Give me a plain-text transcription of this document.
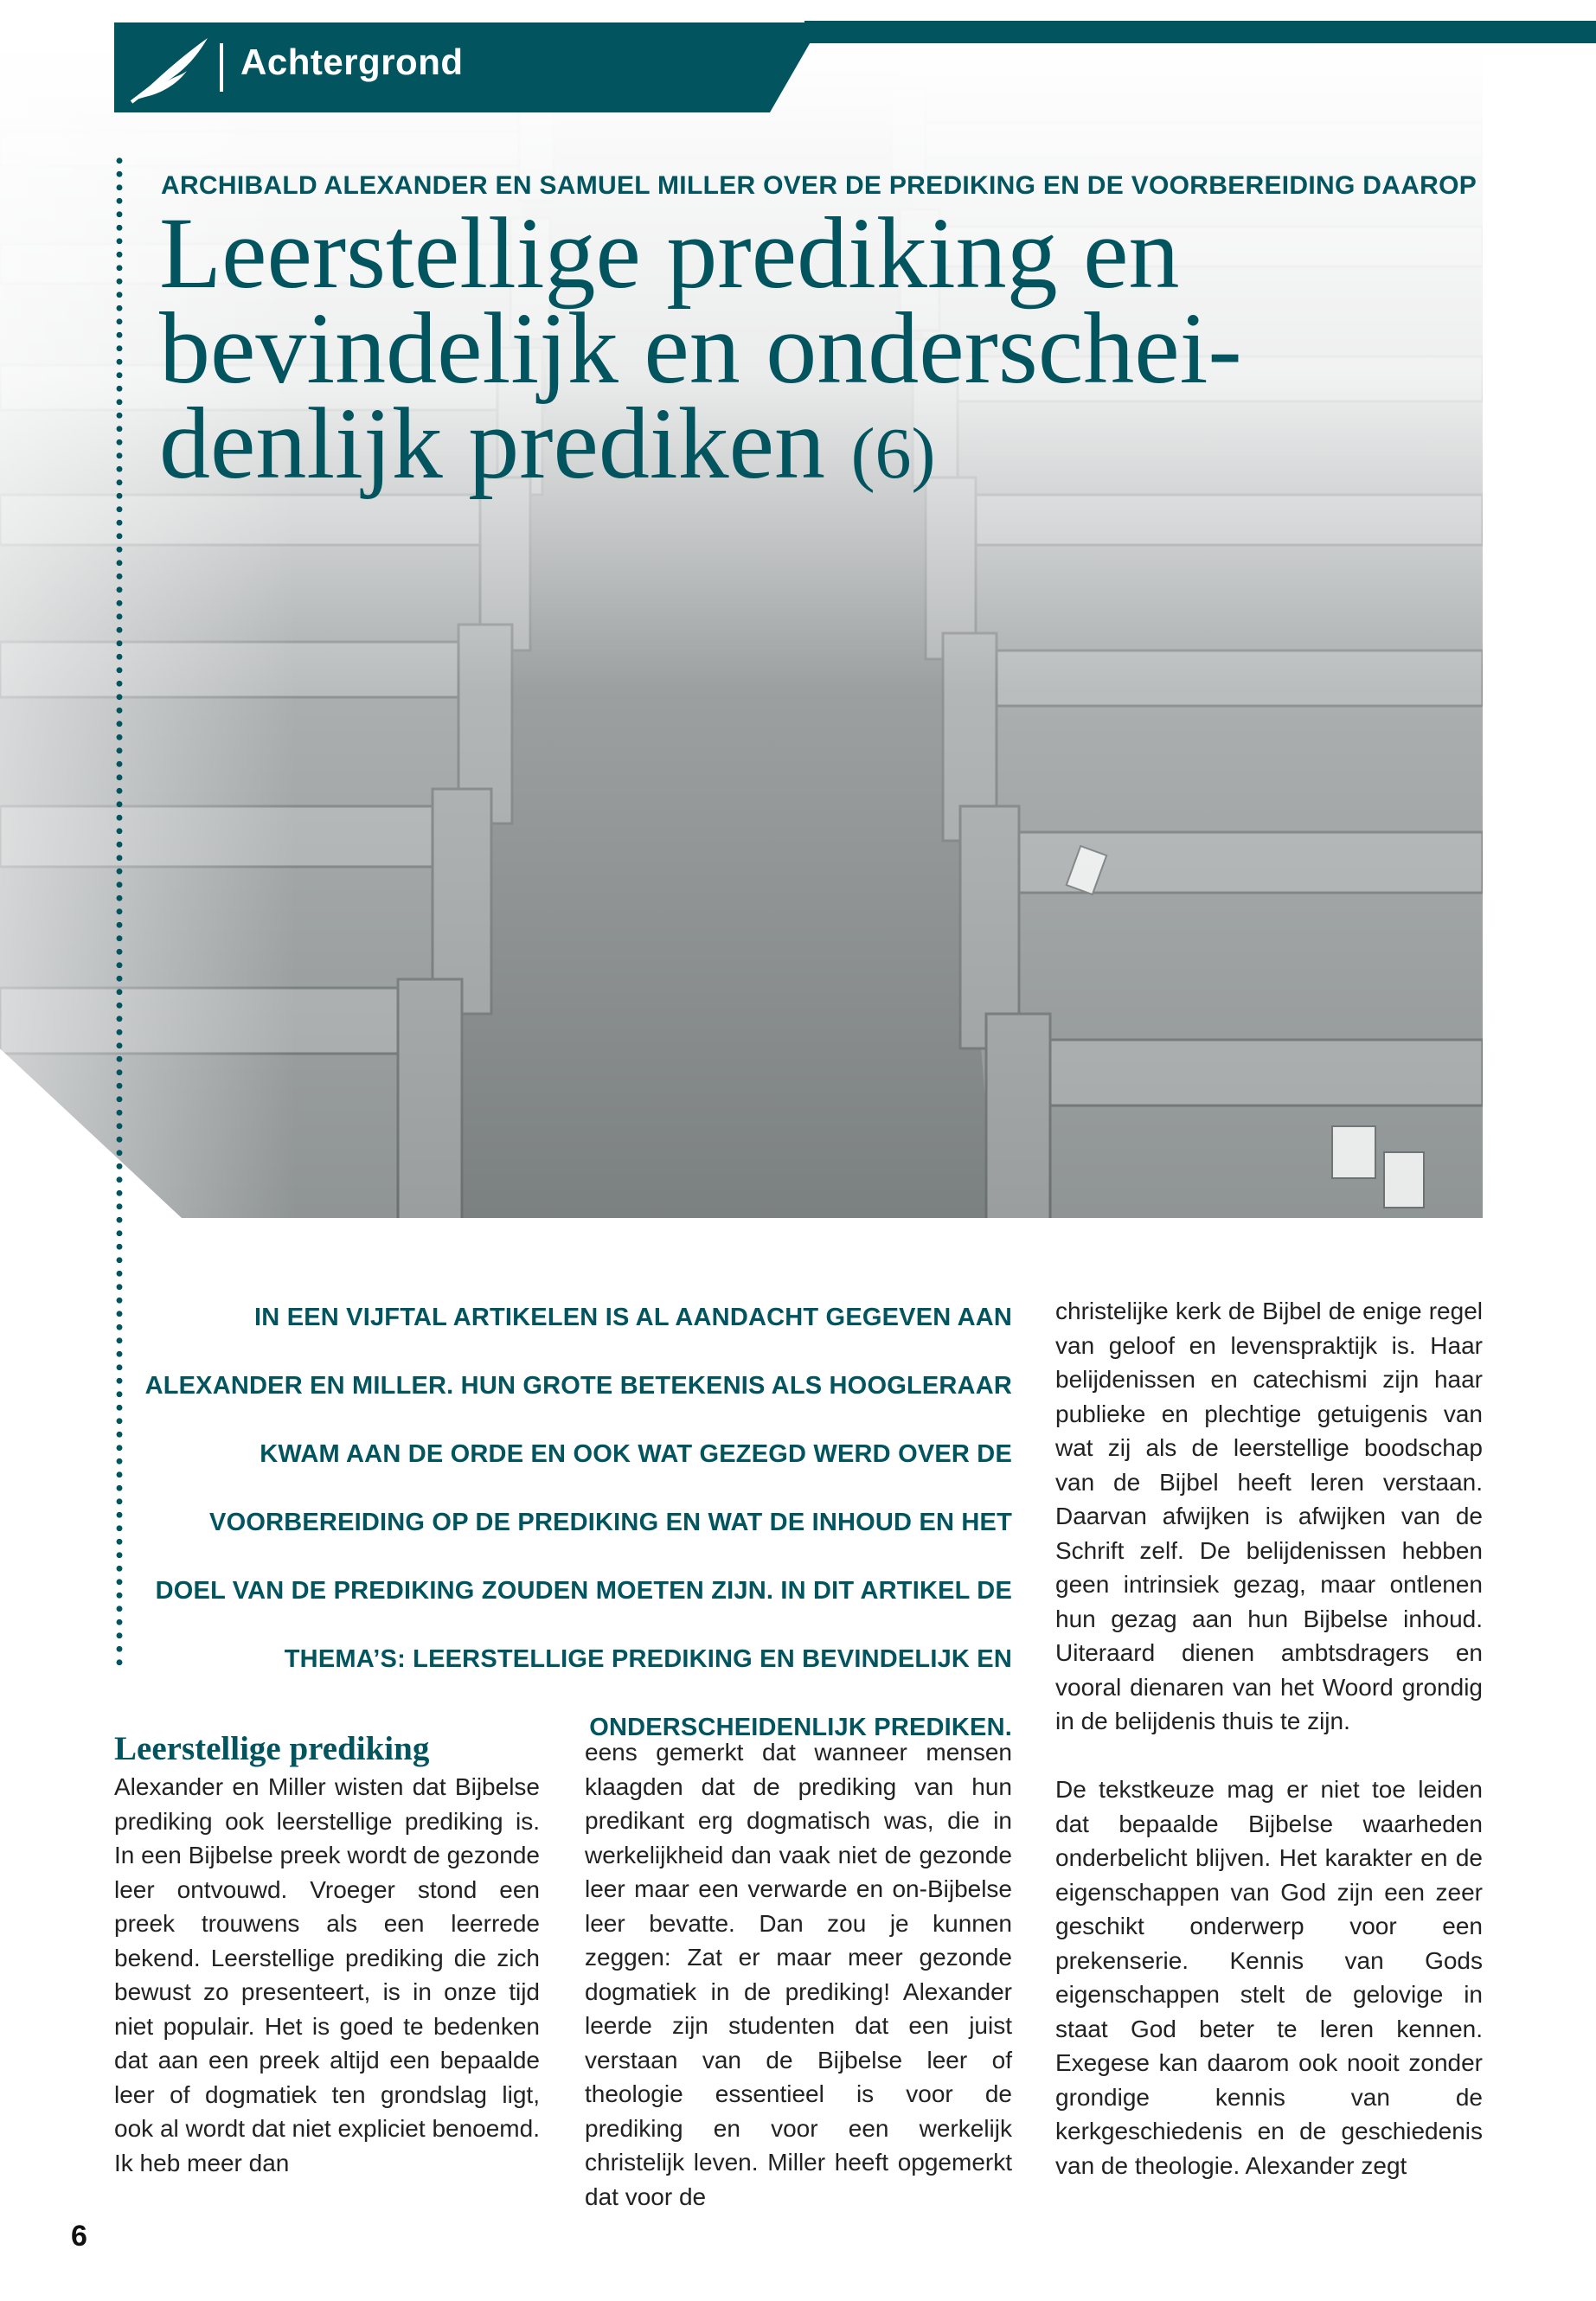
Achtergrond
ARCHIBALD ALEXANDER EN SAMUEL MILLER OVER DE PREDIKING EN DE VOORBEREIDING DAAROP
Leerstellige prediking en
bevindelijk en onderschei-
denlijk prediken (6)
IN EEN VIJFTAL ARTIKELEN IS AL AANDACHT GEGEVEN AAN ALEXANDER EN MILLER. HUN GROTE BETEKENIS ALS HOOGLERAAR KWAM AAN DE ORDE EN OOK WAT GEZEGD WERD OVER DE VOORBEREIDING OP DE PREDIKING EN WAT DE INHOUD EN HET DOEL VAN DE PREDIKING ZOUDEN MOETEN ZIJN. IN DIT ARTIKEL DE THEMA’S: LEERSTELLIGE PREDIKING EN BEVINDELIJK EN ONDERSCHEIDENLIJK PREDIKEN.
Leerstellige prediking

Alexander en Miller wisten dat Bijbelse prediking ook leerstellige prediking is. In een Bijbelse preek wordt de gezonde leer ontvouwd. Vroeger stond een preek trouwens als een leerrede bekend. Leerstellige prediking die zich bewust zo presenteert, is in onze tijd niet populair. Het is goed te bedenken dat aan een preek altijd een bepaalde leer of dogmatiek ten grondslag ligt, ook al wordt dat niet expliciet benoemd. Ik heb meer dan

eens gemerkt dat wanneer mensen klaagden dat de prediking van hun predikant erg dogmatisch was, die in werkelijkheid dan vaak niet de gezonde leer maar een verwarde en on-Bijbelse leer bevatte. Dan zou je kunnen zeggen: Zat er maar meer gezonde dogmatiek in de prediking! Alexander leerde zijn studenten dat een juist verstaan van de Bijbelse leer of theologie essentieel is voor de prediking en voor een werkelijk christelijk leven. Miller heeft opgemerkt dat voor de

christelijke kerk de Bijbel de enige regel van geloof en levenspraktijk is. Haar belijdenissen en catechismi zijn haar publieke en plechtige getuigenis van wat zij als de leerstellige boodschap van de Bijbel heeft leren verstaan. Daarvan afwijken is afwijken van de Schrift zelf. De belijdenissen hebben geen intrinsiek gezag, maar ontlenen hun gezag aan hun Bijbelse inhoud. Uiteraard dienen ambtsdragers en vooral dienaren van het Woord grondig in de belijdenis thuis te zijn.

De tekstkeuze mag er niet toe leiden dat bepaalde Bijbelse waarheden onderbelicht blijven. Het karakter en de eigenschappen van God zijn een zeer geschikt onderwerp voor een prekenserie. Kennis van Gods eigenschappen stelt de gelovige in staat God beter te leren kennen. Exegese kan daarom ook nooit zonder grondige kennis van de kerkgeschiedenis en de geschiedenis van de theologie. Alexander zegt

6
